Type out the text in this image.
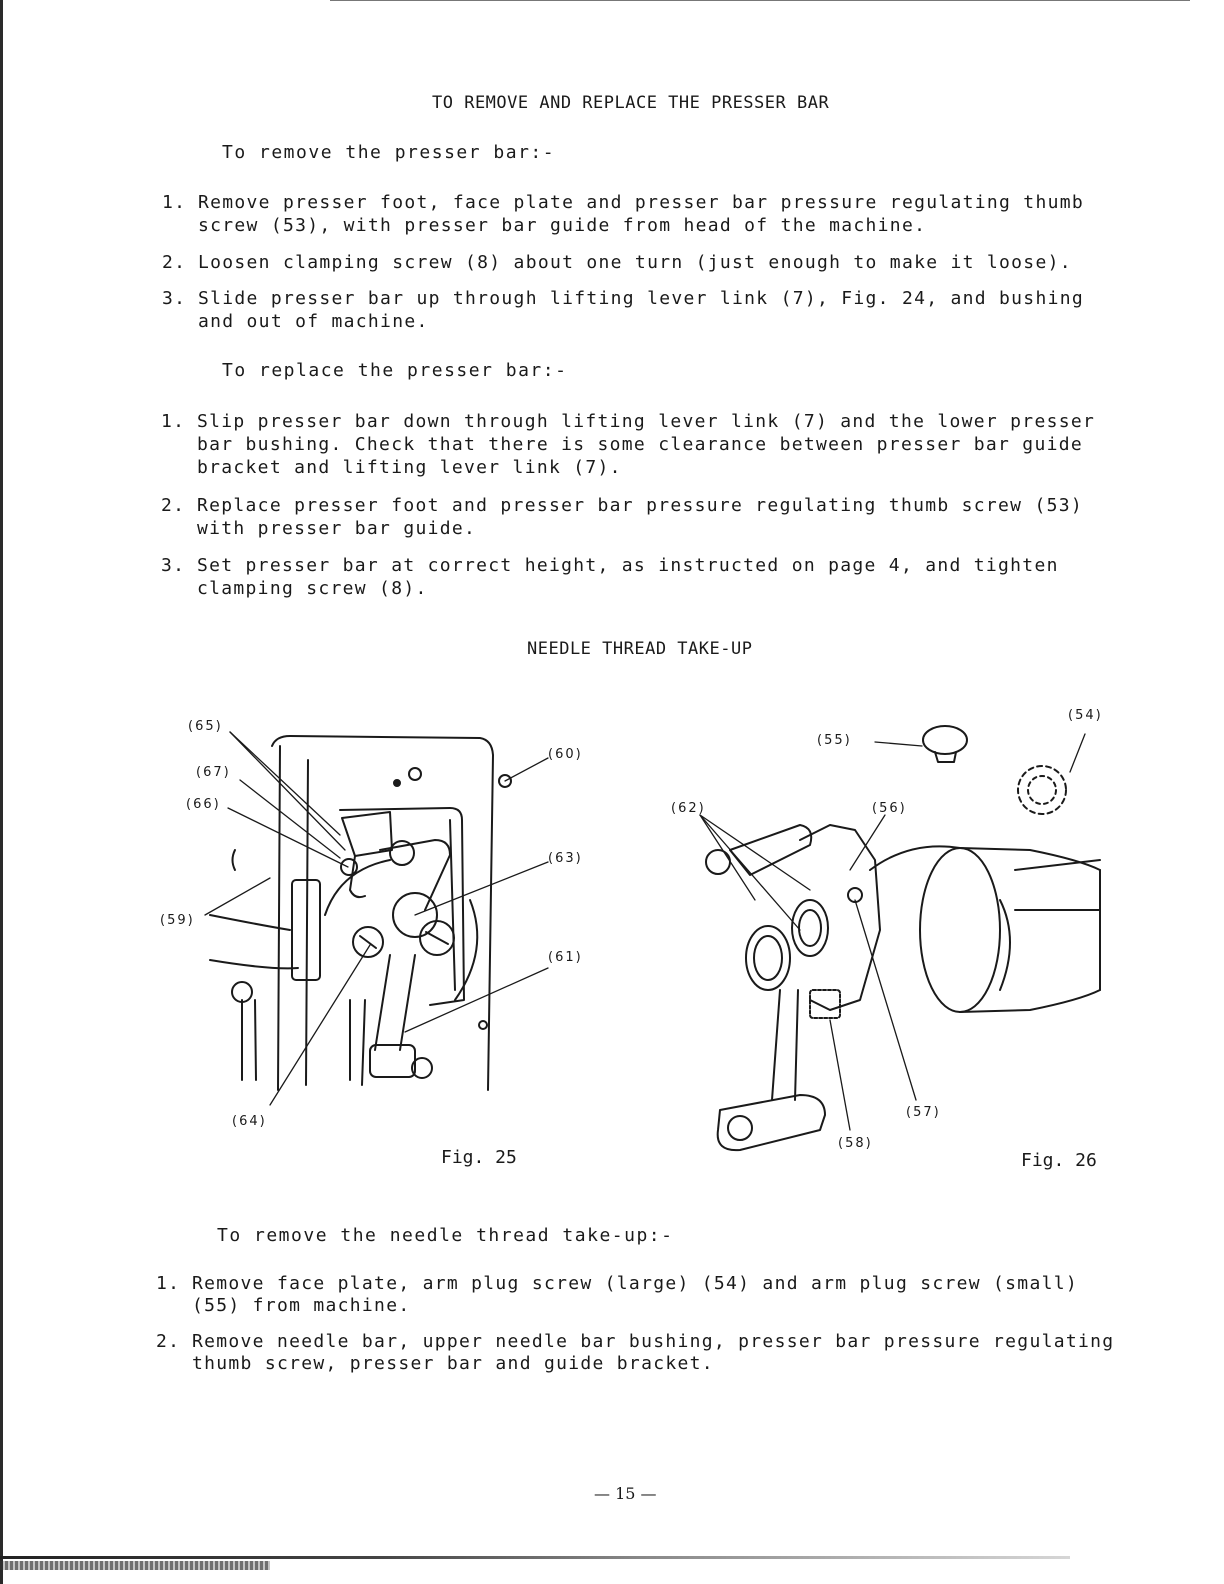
TO REMOVE AND REPLACE THE PRESSER BAR
To remove the presser bar:-
1. Remove presser foot, face plate and presser bar pressure regulating thumb
screw (53), with presser bar guide from head of the machine.
2. Loosen clamping screw (8) about one turn (just enough to make it loose).
3. Slide presser bar up through lifting lever link (7), Fig. 24, and bushing
and out of machine.
To replace the presser bar:-
1. Slip presser bar down through lifting lever link (7) and the lower presser
bar bushing. Check that there is some clearance between presser bar guide
bracket and lifting lever link (7).
2. Replace presser foot and presser bar pressure regulating thumb screw (53)
with presser bar guide.
3. Set presser bar at correct height, as instructed on page 4, and tighten
clamping screw (8).
NEEDLE THREAD TAKE-UP
(65)
(67)
(66)
(59)
(60)
(63)
(61)
(64)
Fig. 25
(55)
(54)
(62)	(56)
(57)
(58)
Fig. 26
To remove the needle thread take-up:-
1. Remove face plate, arm plug screw (large) (54) and arm plug screw (small)
(55) from machine.
2. Remove needle bar, upper needle bar bushing, presser bar pressure regulating
thumb screw, presser bar and guide bracket.
— 15 —
